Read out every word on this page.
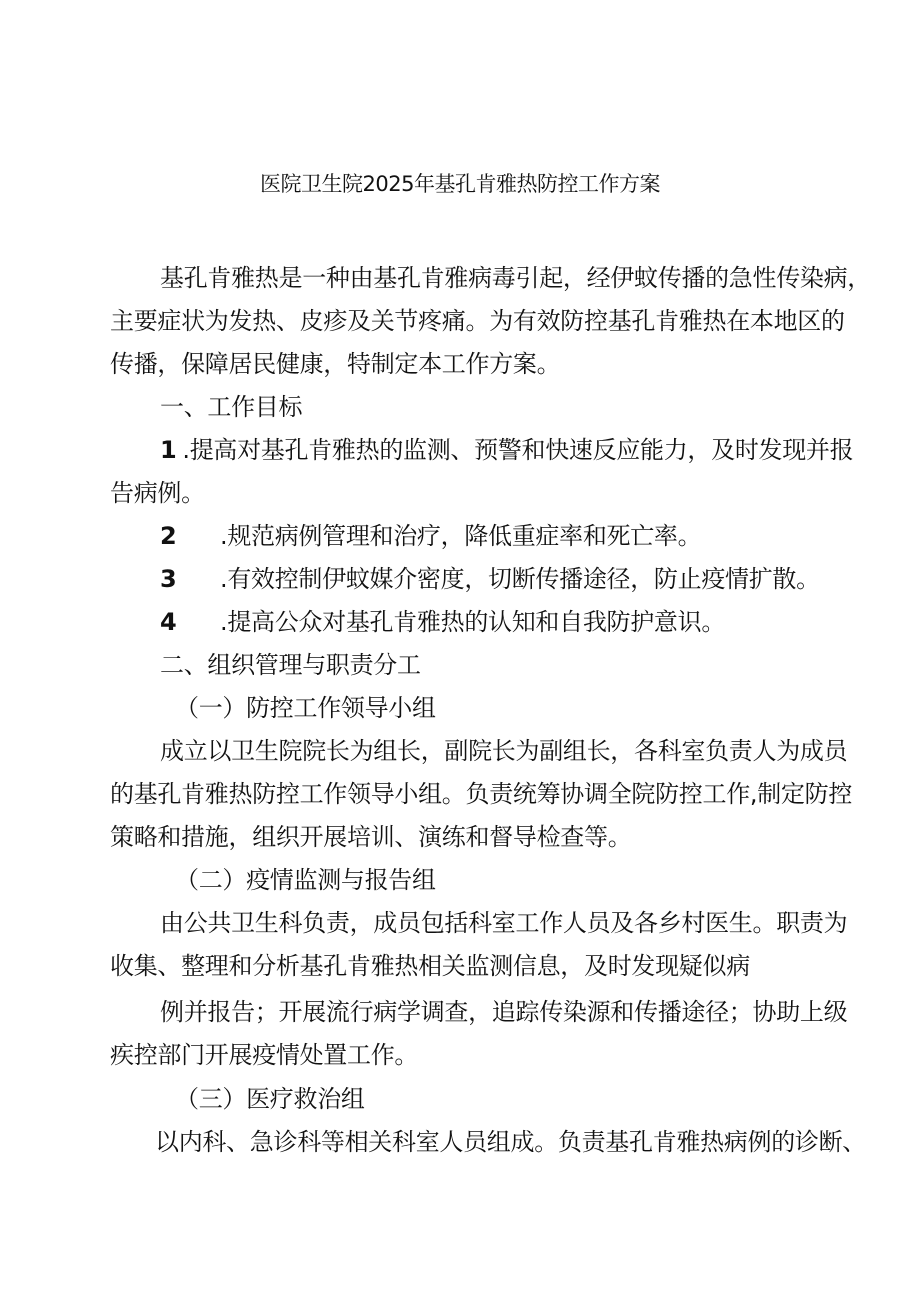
医院卫生院2025年基孔肯雅热防控工作方案
基孔肯雅热是一种由基孔肯雅病毒引起，经伊蚊传播的急性传染病，
主要症状为发热、皮疹及关节疼痛。为有效防控基孔肯雅热在本地区的
传播，保障居民健康，特制定本工作方案。
一、工作目标
1 .提高对基孔肯雅热的监测、预警和快速反应能力，及时发现并报
告病例。
2 .规范病例管理和治疗，降低重症率和死亡率。
3 .有效控制伊蚊媒介密度，切断传播途径，防止疫情扩散。
4 .提高公众对基孔肯雅热的认知和自我防护意识。
二、组织管理与职责分工
（一）防控工作领导小组
成立以卫生院院长为组长，副院长为副组长，各科室负责人为成员
的基孔肯雅热防控工作领导小组。负责统筹协调全院防控工作,制定防控
策略和措施，组织开展培训、演练和督导检查等。
（二）疫情监测与报告组
由公共卫生科负责，成员包括科室工作人员及各乡村医生。职责为
收集、整理和分析基孔肯雅热相关监测信息，及时发现疑似病
例并报告；开展流行病学调查，追踪传染源和传播途径；协助上级
疾控部门开展疫情处置工作。
（三）医疗救治组
以内科、急诊科等相关科室人员组成。负责基孔肯雅热病例的诊断、
